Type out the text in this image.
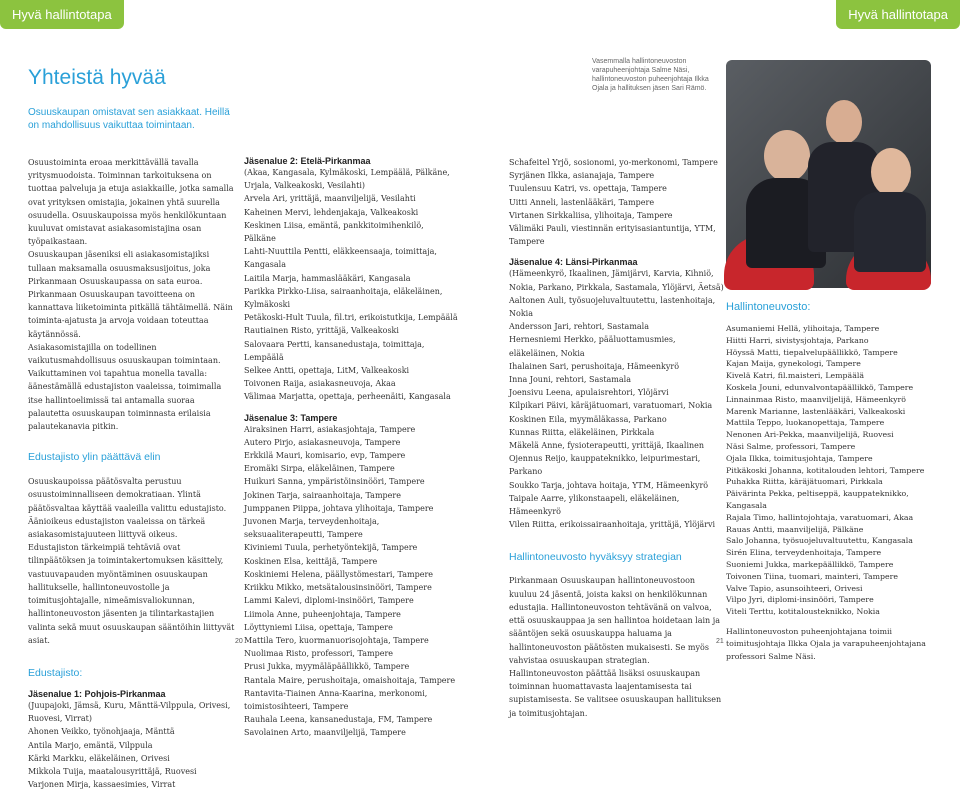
Hyvä hallintotapa	Hyvä hallintotapa
Yhteistä hyvää
Osuuskaupan omistavat sen asiakkaat. Heillä on mahdollisuus vaikuttaa toimintaan.
Vasemmalla hallintoneuvoston varapuheenjohtaja Salme Näsi, hallintoneuvoston puheenjohtaja Ilkka Ojala ja hallituksen jäsen Sari Rämö.

Osuustoiminta eroaa merkittävällä tavalla yritysmuodoista. Toiminnan tarkoituksena on tuottaa palveluja ja etuja asiakkaille, jotka samalla ovat yrityksen omistajia, jokainen yhtä suurella osuudella. Osuuskaupoissa myös henkilökuntaan kuuluvat omistavat asiakasomistajina osan työpaikastaan.
Osuuskaupan jäseniksi eli asiakasomistajiksi tullaan maksamalla osuusmaksusijoitus, joka Pirkanmaan Osuuskaupassa on sata euroa.
Pirkanmaan Osuuskaupan tavoitteena on kannattava liiketoiminta pitkällä tähtäimellä. Näin toiminta-ajatusta ja arvoja voidaan toteuttaa käytännössä.
Asiakasomistajilla on todellinen vaikutusmahdollisuus osuuskaupan toimintaan. Vaikuttaminen voi tapahtua monella tavalla: äänestämällä edustajiston vaaleissa, toimimalla itse hallintoelimissä tai antamalla suoraa palautetta osuuskaupan toiminnasta erilaisia palautekanavia pitkin.

Edustajisto ylin päättävä elin

Osuuskaupoissa päätösvalta perustuu osuustoiminnalliseen demokratiaan. Ylintä päätösvaltaa käyttää vaaleilla valittu edustajisto. Äänioikeus edustajiston vaaleissa on tärkeä asiakasomistajuuteen liittyvä oikeus.
Edustajiston tärkeimpiä tehtäviä ovat tilinpäätöksen ja toimintakertomuksen käsittely, vastuuvapauden myöntäminen osuuskaupan hallitukselle, hallintoneuvostolle ja toimitusjohtajalle, nimeämisvaliokunnan, hallintoneuvoston jäsenten ja tilintarkastajien valinta sekä muut osuuskaupan sääntöihin liittyvät asiat.

Edustajisto:

Jäsenalue 1: Pohjois-Pirkanmaa

(Juupajoki, Jämsä, Kuru, Mänttä-Vilppula, Orivesi, Ruovesi, Virrat)
Ahonen Veikko, työnohjaaja, Mänttä
Antila Marjo, emäntä, Vilppula
Kärki Markku, eläkeläinen, Orivesi
Mikkola Tuija, maatalousyrittäjä, Ruovesi
Varjonen Mirja, kassaesimies, Virrat

Jäsenalue 2: Etelä-Pirkanmaa

(Akaa, Kangasala, Kylmäkoski, Lempäälä, Pälkäne, Urjala, Valkeakoski, Vesilahti)
Arvela Ari, yrittäjä, maanviljelijä, Vesilahti
Kaheinen Mervi, lehdenjakaja, Valkeakoski
Keskinen Liisa, emäntä, pankkitoimihenkilö, Pälkäne
Lahti-Nuuttila Pentti, eläkkeensaaja, toimittaja, Kangasala
Laitila Marja, hammaslääkäri, Kangasala
Parikka Pirkko-Liisa, sairaanhoitaja, eläkeläinen, Kylmäkoski
Petäkoski-Hult Tuula, fil.tri, erikoistutkija, Lempäälä
Rautiainen Risto, yrittäjä, Valkeakoski
Salovaara Pertti, kansanedustaja, toimittaja, Lempäälä
Selkee Antti, opettaja, LitM, Valkeakoski
Toivonen Raija, asiakasneuvoja, Akaa
Välimaa Marjatta, opettaja, perheenäiti, Kangasala

Jäsenalue 3: Tampere

Airaksinen Harri, asiakasjohtaja, Tampere
Autero Pirjo, asiakasneuvoja, Tampere
Erkkilä Mauri, komisario, evp, Tampere
Eromäki Sirpa, eläkeläinen, Tampere
Huikuri Sanna, ympäristöinsinööri, Tampere
Jokinen Tarja, sairaanhoitaja, Tampere
Jumppanen Piippa, johtava ylihoitaja, Tampere
Juvonen Marja, terveydenhoitaja, seksuaaliterapeutti, Tampere
Kiviniemi Tuula, perhetyöntekijä, Tampere
Koskinen Elsa, keittäjä, Tampere
Koskiniemi Helena, päällystömestari, Tampere
Kriikku Mikko, metsätalousinsinööri, Tampere
Lammi Kalevi, diplomi-insinööri, Tampere
Liimola Anne, puheenjohtaja, Tampere
Löyttyniemi Liisa, opettaja, Tampere
Mattila Tero, kuormanuorisojohtaja, Tampere
Nuolimaa Risto, professori, Tampere
Prusi Jukka, myymäläpäällikkö, Tampere
Rantala Maire, perushoitaja, omaishoitaja, Tampere
Rantavita-Tiainen Anna-Kaarina, merkonomi, toimistosihteeri, Tampere
Rauhala Leena, kansanedustaja, FM, Tampere
Savolainen Arto, maanviljelijä, Tampere

Schafeitel Yrjö, sosionomi, yo-merkonomi, Tampere
Syrjänen Ilkka, asianajaja, Tampere
Tuulensuu Katri, vs. opettaja, Tampere
Uitti Anneli, lastenlääkäri, Tampere
Virtanen Sirkkaliisa, ylihoitaja, Tampere
Välimäki Pauli, viestinnän erityisasiantuntija, YTM, Tampere

Jäsenalue 4: Länsi-Pirkanmaa

(Hämeenkyrö, Ikaalinen, Jämijärvi, Karvia, Kihniö, Nokia, Parkano, Pirkkala, Sastamala, Ylöjärvi, Äetsä)
Aaltonen Auli, työsuojeluvaltuutettu, lastenhoitaja, Nokia
Andersson Jari, rehtori, Sastamala
Hernesniemi Herkko, pääluottamusmies, eläkeläinen, Nokia
Ihalainen Sari, perushoitaja, Hämeenkyrö
Inna Jouni, rehtori, Sastamala
Joensivu Leena, apulaisrehtori, Ylöjärvi
Kilpikari Päivi, käräjätuomari, varatuomari, Nokia
Koskinen Eila, myymäläkassa, Parkano
Kunnas Riitta, eläkeläinen, Pirkkala
Mäkelä Anne, fysioterapeutti, yrittäjä, Ikaalinen
Ojennus Reijo, kauppateknikko, leipurimestari, Parkano
Soukko Tarja, johtava hoitaja, YTM, Hämeenkyrö
Taipale Aarre, ylikonstaapeli, eläkeläinen, Hämeenkyrö
Vilen Riitta, erikoissairaanhoitaja, yrittäjä, Ylöjärvi

Hallintoneuvosto hyväksyy strategian

Pirkanmaan Osuuskaupan hallintoneuvostoon kuuluu 24 jäsentä, joista kaksi on henkilökunnan edustajia. Hallintoneuvoston tehtävänä on valvoa, että osuuskauppaa ja sen hallintoa hoidetaan lain ja sääntöjen sekä osuuskauppa haluama ja hallintoneuvoston päätösten mukaisesti. Se myös vahvistaa osuuskaupan strategian.
Hallintoneuvoston päättää lisäksi osuuskaupan toiminnan huomattavasta laajentamisesta tai supistamisesta. Se valitsee osuuskaupan hallituksen ja toimitusjohtajan.

Hallintoneuvosto:

Asumaniemi Hellä, ylihoitaja, Tampere
Hiitti Harri, sivistysjohtaja, Parkano
Höyssä Matti, tiepalvelupäällikkö, Tampere
Kajan Maija, gynekologi, Tampere
Kivelä Katri, fil.maisteri, Lempäälä
Koskela Jouni, edunvalvontapäällikkö, Tampere
Linnainmaa Risto, maanviljelijä, Hämeenkyrö
Marenk Marianne, lastenlääkäri, Valkeakoski
Mattila Teppo, luokanopettaja, Tampere
Nenonen Ari-Pekka, maanviljelijä, Ruovesi
Näsi Salme, professori, Tampere
Ojala Ilkka, toimitusjohtaja, Tampere
Pitkäkoski Johanna, kotitalouden lehtori, Tampere
Puhakka Riitta, käräjätuomari, Pirkkala
Päivärinta Pekka, peltiseppä, kauppateknikko, Kangasala
Rajala Timo, hallintojohtaja, varatuomari, Akaa
Rauas Antti, maanviljelijä, Pälkäne
Salo Johanna, työsuojeluvaltuutettu, Kangasala
Sirén Elina, terveydenhoitaja, Tampere
Suoniemi Jukka, markepäällikkö, Tampere
Toivonen Tiina, tuomari, mainteri, Tampere
Valve Tapio, asunsoihteeri, Orivesi
Vilpo Jyri, diplomi-insinööri, Tampere
Viteli Terttu, kotitalousteknikko, Nokia

Hallintoneuvoston puheenjohtajana toimii toimitusjohtaja Ilkka Ojala ja varapuheenjohtajana professori Salme Näsi.

20	21
